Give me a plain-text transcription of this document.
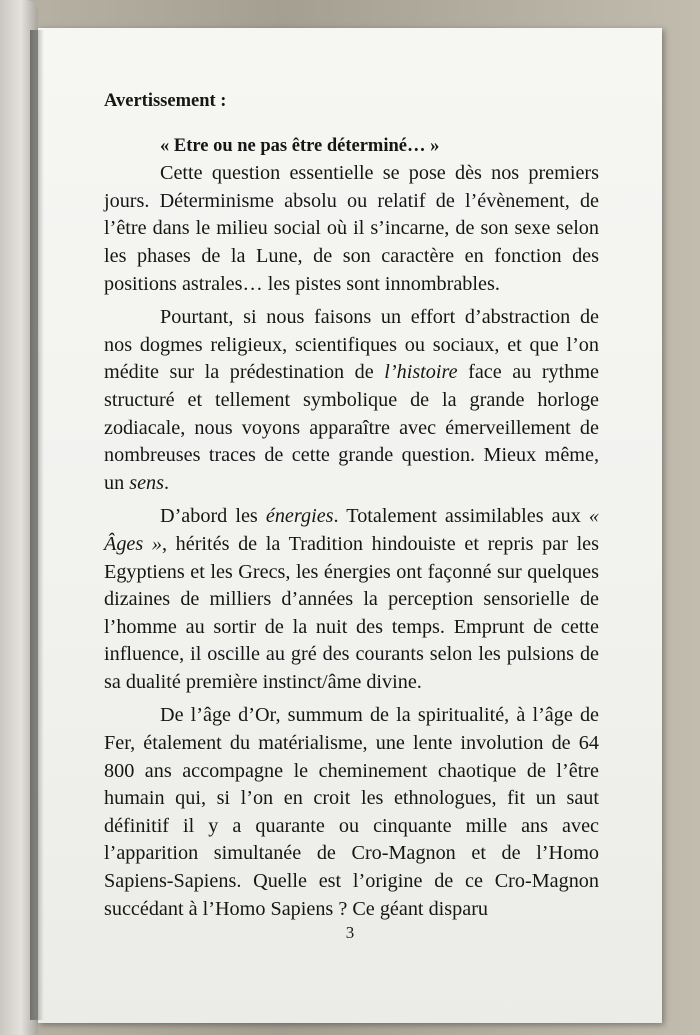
Avertissement :

« Etre ou ne pas être déterminé… »

Cette question essentielle se pose dès nos premiers jours. Déterminisme absolu ou relatif de l’évènement, de l’être dans le milieu social où il s’incarne, de son sexe selon les phases de la Lune, de son caractère en fonction des positions astrales… les pistes sont innombrables.

Pourtant, si nous faisons un effort d’abstraction de nos dogmes religieux, scientifiques ou sociaux, et que l’on médite sur la prédestination de l’histoire face au rythme structuré et tellement symbolique de la grande horloge zodiacale, nous voyons apparaître avec émerveillement de nombreuses traces de cette grande question. Mieux même, un sens.

D’abord les énergies. Totalement assimilables aux « Âges », hérités de la Tradition hindouiste et repris par les Egyptiens et les Grecs, les énergies ont façonné sur quelques dizaines de milliers d’années la perception sensorielle de l’homme au sortir de la nuit des temps. Emprunt de cette influence, il oscille au gré des courants selon les pulsions de sa dualité première instinct/âme divine.

De l’âge d’Or, summum de la spiritualité, à l’âge de Fer, étalement du matérialisme, une lente involution de 64 800 ans accompagne le cheminement chaotique de l’être humain qui, si l’on en croit les ethnologues, fit un saut définitif il y a quarante ou cinquante mille ans avec l’apparition simultanée de Cro-Magnon et de l’Homo Sapiens-Sapiens. Quelle est l’origine de ce Cro-Magnon succédant à l’Homo Sapiens ? Ce géant disparu

3
